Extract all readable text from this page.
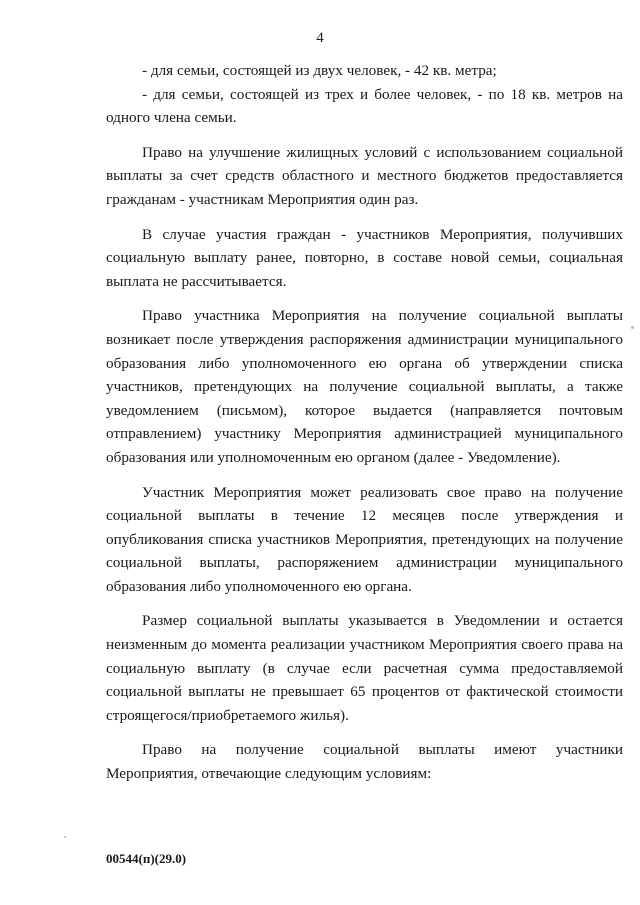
4

- для семьи, состоящей из двух человек, - 42 кв. метра;

- для семьи, состоящей из трех и более человек, - по 18 кв. метров на одного члена семьи.

Право на улучшение жилищных условий с использованием социальной выплаты за счет средств областного и местного бюджетов предоставляется гражданам - участникам Мероприятия один раз.

В случае участия граждан - участников Мероприятия, получивших социальную выплату ранее, повторно, в составе новой семьи, социальная выплата не рассчитывается.

Право участника Мероприятия на получение социальной выплаты возникает после утверждения распоряжения администрации муниципального образования либо уполномоченного ею органа об утверждении списка участников, претендующих на получение социальной выплаты, а также уведомлением (письмом), которое выдается (направляется почтовым отправлением) участнику Мероприятия администрацией муниципального образования или уполномоченным ею органом (далее - Уведомление).

Участник Мероприятия может реализовать свое право на получение социальной выплаты в течение 12 месяцев после утверждения и опубликования списка участников Мероприятия, претендующих на получение социальной выплаты, распоряжением администрации муниципального образования либо уполномоченного ею органа.

Размер социальной выплаты указывается в Уведомлении и остается неизменным до момента реализации участником Мероприятия своего права на социальную выплату (в случае если расчетная сумма предоставляемой социальной выплаты не превышает 65 процентов от фактической стоимости строящегося/приобретаемого жилья).

Право на получение социальной выплаты имеют участники Мероприятия, отвечающие следующим условиям:

00544(п)(29.0)
